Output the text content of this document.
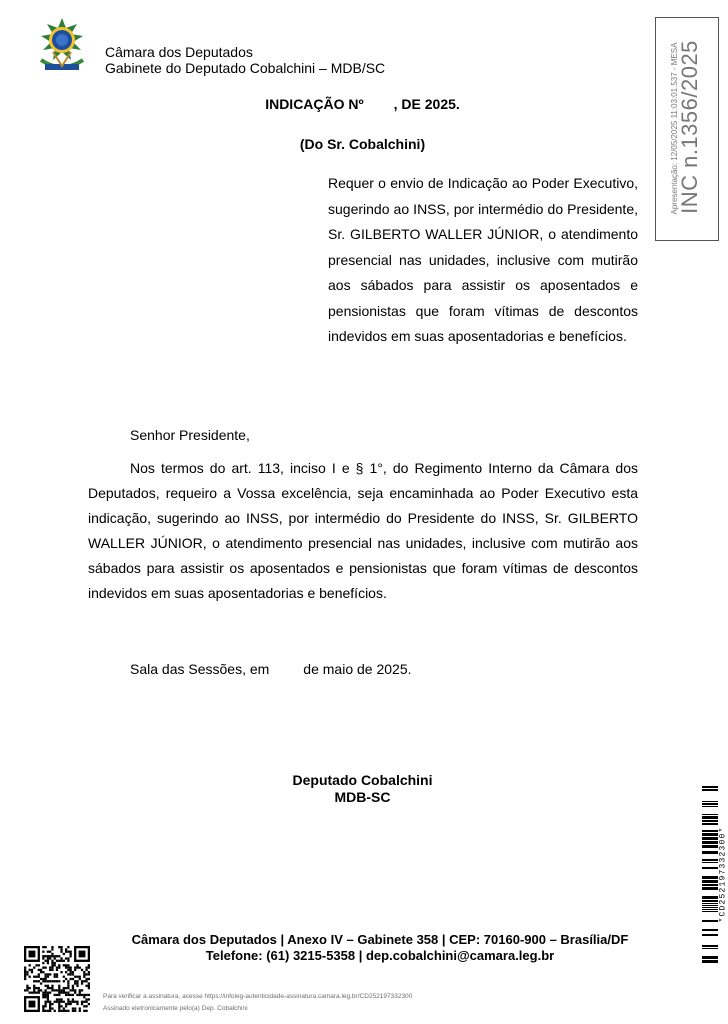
Câmara dos Deputados
Gabinete do Deputado Cobalchini – MDB/SC
INDICAÇÃO Nº , DE 2025.
(Do Sr. Cobalchini)
Requer o envio de Indicação ao Poder Executivo, sugerindo ao INSS, por intermédio do Presidente, Sr. GILBERTO WALLER JÚNIOR, o atendimento presencial nas unidades, inclusive com mutirão aos sábados para assistir os aposentados e pensionistas que foram vítimas de descontos indevidos em suas aposentadorias e benefícios.
Senhor Presidente,
Nos termos do art. 113, inciso I e § 1°, do Regimento Interno da Câmara dos Deputados, requeiro a Vossa excelência, seja encaminhada ao Poder Executivo esta indicação, sugerindo ao INSS, por intermédio do Presidente do INSS, Sr. GILBERTO WALLER JÚNIOR, o atendimento presencial nas unidades, inclusive com mutirão aos sábados para assistir os aposentados e pensionistas que foram vítimas de descontos indevidos em suas aposentadorias e benefícios.
Sala das Sessões, em de maio de 2025.
Deputado Cobalchini
MDB-SC
Câmara dos Deputados | Anexo IV – Gabinete 358 | CEP: 70160-900 – Brasília/DF
Telefone: (61) 3215-5358 | dep.cobalchini@camara.leg.br
Para verificar a assinatura, acesse https://infoleg-autenticidade-assinatura.camara.leg.br/CD252197332300
Assinado eletronicamente pelo(a) Dep. Cobalchini
Apresentação: 12/05/2025 11:03:01.537 - MESA
INC n.1356/2025
*CD252197332300*
